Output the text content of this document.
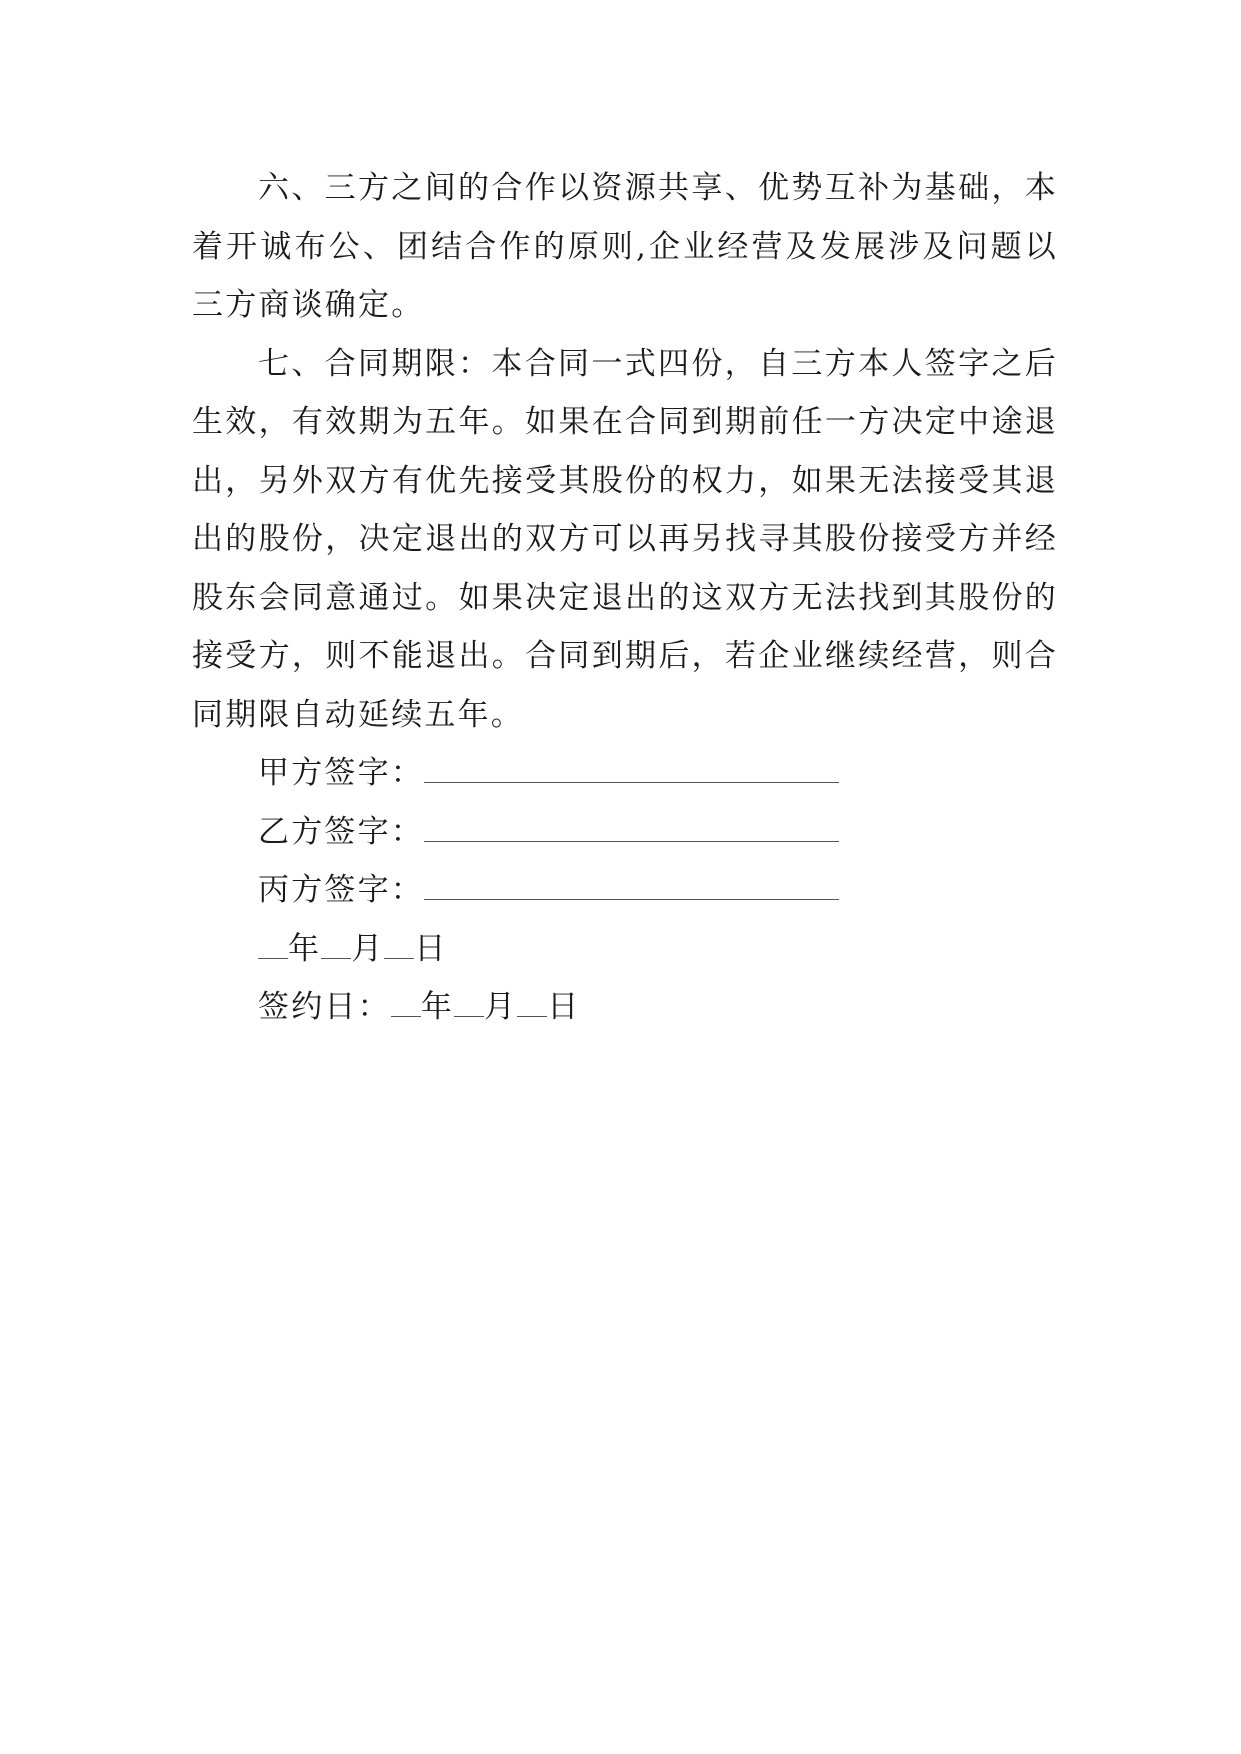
六、三方之间的合作以资源共享、优势互补为基础，本着开诚布公、团结合作的原则,企业经营及发展涉及问题以三方商谈确定。

七、合同期限：本合同一式四份，自三方本人签字之后生效，有效期为五年。如果在合同到期前任一方决定中途退出，另外双方有优先接受其股份的权力，如果无法接受其退出的股份，决定退出的双方可以再另找寻其股份接受方并经股东会同意通过。如果决定退出的这双方无法找到其股份的接受方，则不能退出。合同到期后，若企业继续经营，则合同期限自动延续五年。

甲方签字：

乙方签字：

丙方签字：

年 月 日

签约日： 年 月 日
